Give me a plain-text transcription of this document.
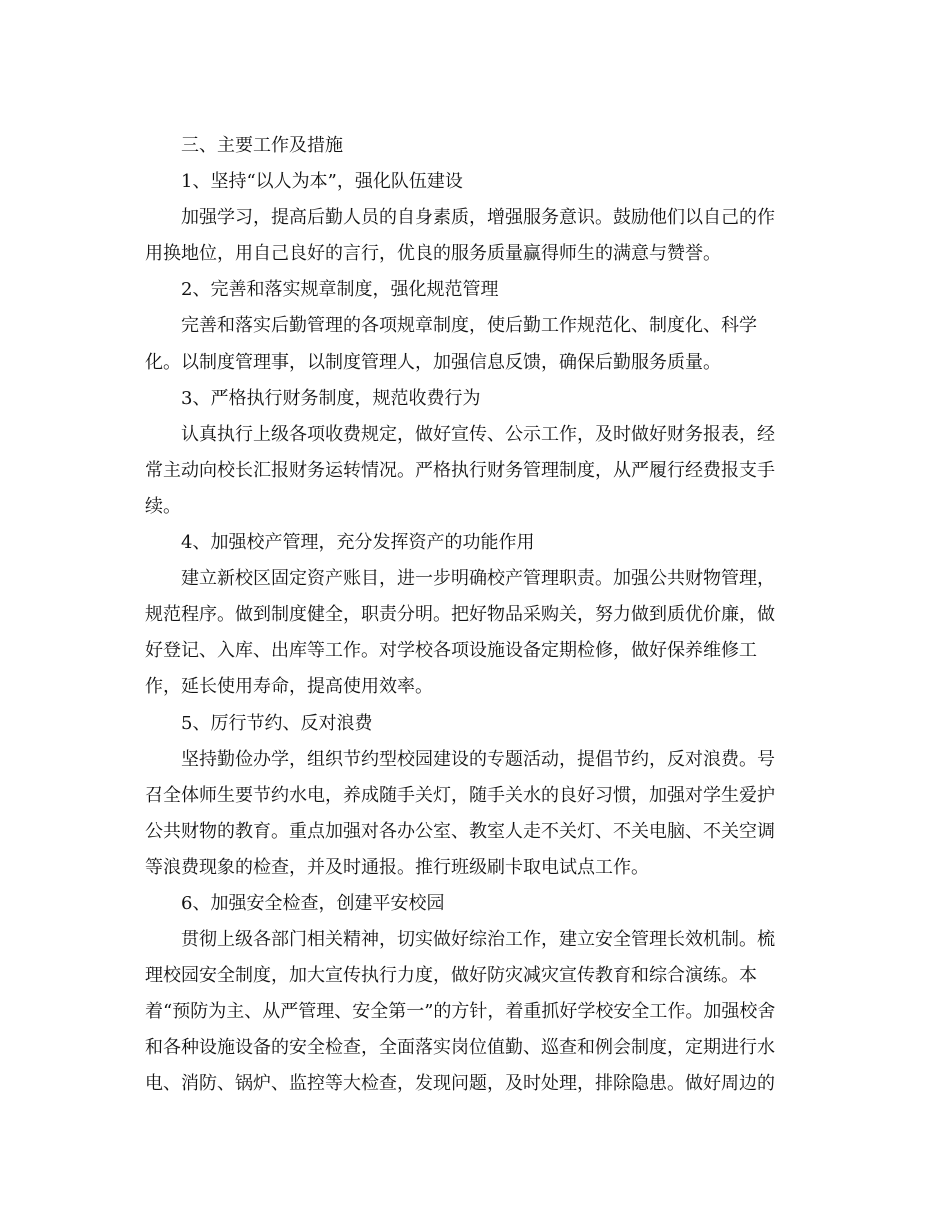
三、主要工作及措施
1、坚持“以人为本”，强化队伍建设
加强学习，提高后勤人员的自身素质，增强服务意识。鼓励他们以自己的作
用换地位，用自己良好的言行，优良的服务质量赢得师生的满意与赞誉。
2、完善和落实规章制度，强化规范管理
完善和落实后勤管理的各项规章制度，使后勤工作规范化、制度化、科学
化。以制度管理事，以制度管理人，加强信息反馈，确保后勤服务质量。
3、严格执行财务制度，规范收费行为
认真执行上级各项收费规定，做好宣传、公示工作，及时做好财务报表，经
常主动向校长汇报财务运转情况。严格执行财务管理制度，从严履行经费报支手
续。
4、加强校产管理，充分发挥资产的功能作用
建立新校区固定资产账目，进一步明确校产管理职责。加强公共财物管理，
规范程序。做到制度健全，职责分明。把好物品采购关，努力做到质优价廉，做
好登记、入库、出库等工作。对学校各项设施设备定期检修，做好保养维修工
作，延长使用寿命，提高使用效率。
5、厉行节约、反对浪费
坚持勤俭办学，组织节约型校园建设的专题活动，提倡节约，反对浪费。号
召全体师生要节约水电，养成随手关灯，随手关水的良好习惯，加强对学生爱护
公共财物的教育。重点加强对各办公室、教室人走不关灯、不关电脑、不关空调
等浪费现象的检查，并及时通报。推行班级刷卡取电试点工作。
6、加强安全检查，创建平安校园
贯彻上级各部门相关精神，切实做好综治工作，建立安全管理长效机制。梳
理校园安全制度，加大宣传执行力度，做好防灾减灾宣传教育和综合演练。本
着“预防为主、从严管理、安全第一”的方针，着重抓好学校安全工作。加强校舍
和各种设施设备的安全检查，全面落实岗位值勤、巡查和例会制度，定期进行水
电、消防、锅炉、监控等大检查，发现问题，及时处理，排除隐患。做好周边的
